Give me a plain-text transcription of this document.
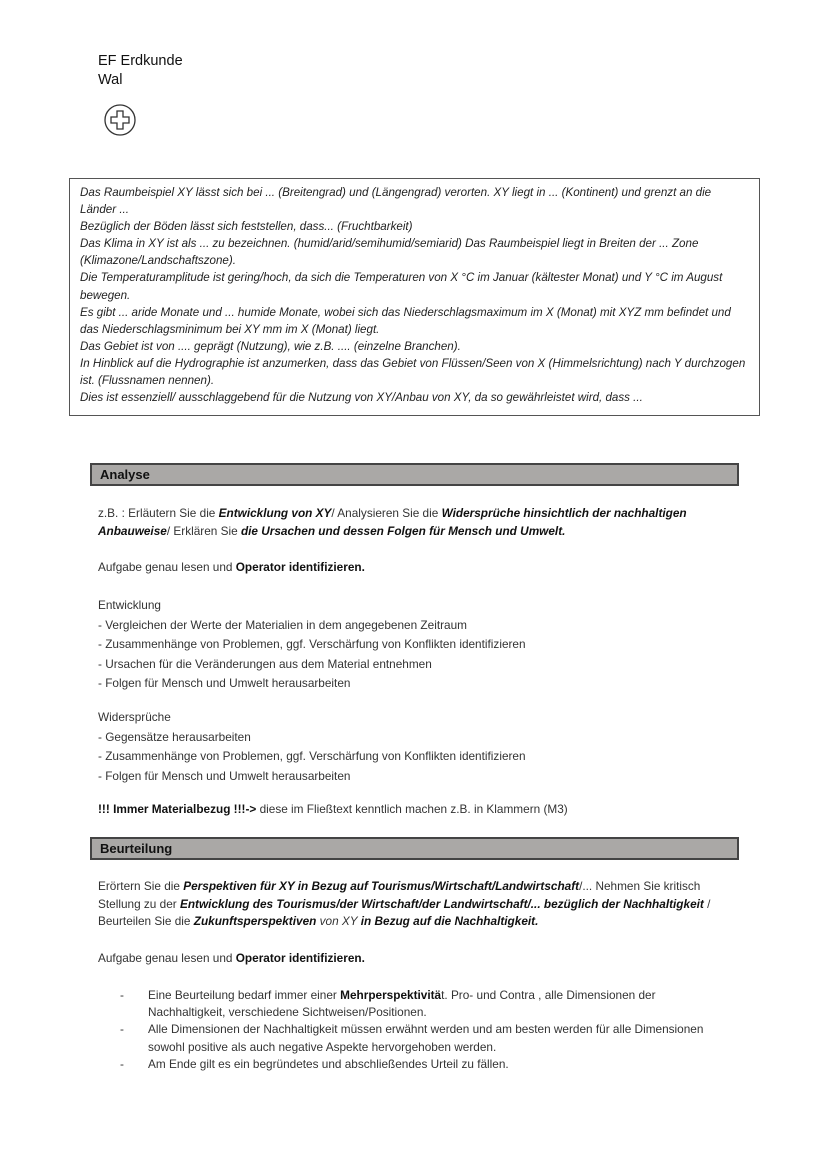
EF Erdkunde
Wal

Das Raumbeispiel XY lässt sich bei ... (Breitengrad) und (Längengrad) verorten. XY liegt in ... (Kontinent) und grenzt an die Länder ...

Bezüglich der Böden lässt sich feststellen, dass... (Fruchtbarkeit)

Das Klima in XY ist als ... zu bezeichnen. (humid/arid/semihumid/semiarid) Das Raumbeispiel liegt in Breiten der ... Zone (Klimazone/Landschaftszone).

Die Temperaturamplitude ist gering/hoch, da sich die Temperaturen von X °C im Januar (kältester Monat) und Y °C im August bewegen.

Es gibt ... aride Monate und ... humide Monate, wobei sich das Niederschlagsmaximum im X (Monat) mit XYZ mm befindet und das Niederschlagsminimum bei XY mm im X (Monat) liegt.

Das Gebiet ist von .... geprägt (Nutzung), wie z.B. .... (einzelne Branchen).

In Hinblick auf die Hydrographie ist anzumerken, dass das Gebiet von Flüssen/Seen von X (Himmelsrichtung) nach Y durchzogen ist. (Flussnamen nennen).

Dies ist essenziell/ ausschlaggebend für die Nutzung von XY/Anbau von XY, da so gewährleistet wird, dass ...

Analyse
z.B. : Erläutern Sie die Entwicklung von XY/ Analysieren Sie die Widersprüche hinsichtlich der nachhaltigen Anbauweise/ Erklären Sie die Ursachen und dessen Folgen für Mensch und Umwelt.
Aufgabe genau lesen und Operator identifizieren.

Entwicklung

- Vergleichen der Werte der Materialien in dem angegebenen Zeitraum

- Zusammenhänge von Problemen, ggf. Verschärfung von Konflikten identifizieren

- Ursachen für die Veränderungen aus dem Material entnehmen

- Folgen für Mensch und Umwelt herausarbeiten

Widersprüche

- Gegensätze herausarbeiten

- Zusammenhänge von Problemen, ggf. Verschärfung von Konflikten identifizieren

- Folgen für Mensch und Umwelt herausarbeiten

!!! Immer Materialbezug !!!-> diese im Fließtext kenntlich machen z.B. in Klammern (M3)
Beurteilung
Erörtern Sie die Perspektiven für XY in Bezug auf Tourismus/Wirtschaft/Landwirtschaft/... Nehmen Sie kritisch Stellung zu der Entwicklung des Tourismus/der Wirtschaft/der Landwirtschaft/... bezüglich der Nachhaltigkeit / Beurteilen Sie die Zukunftsperspektiven von XY in Bezug auf die Nachhaltigkeit.
Aufgabe genau lesen und Operator identifizieren.

- Eine Beurteilung bedarf immer einer Mehrperspektivität. Pro- und Contra , alle Dimensionen der Nachhaltigkeit, verschiedene Sichtweisen/Positionen.

- Alle Dimensionen der Nachhaltigkeit müssen erwähnt werden und am besten werden für alle Dimensionen sowohl positive als auch negative Aspekte hervorgehoben werden.

- Am Ende gilt es ein begründetes und abschließendes Urteil zu fällen.
